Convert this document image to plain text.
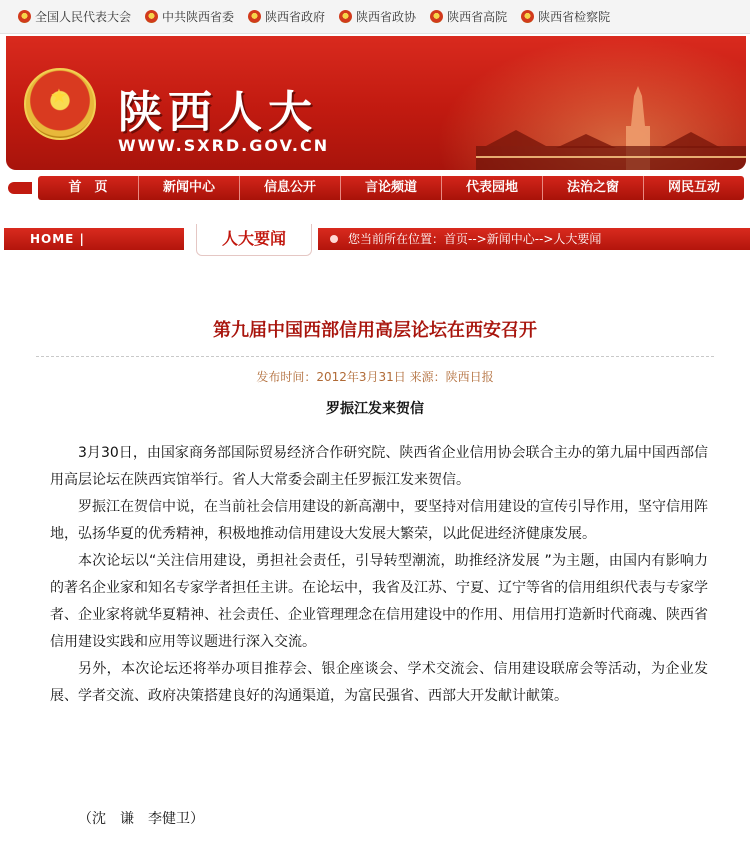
全国人民代表大会	中共陕西省委	陕西省政府	陕西省政协	陕西省高院	陕西省检察院
★
陕西人大
WWW.SXRD.GOV.CN
首　页	新闻中心	信息公开	言论频道	代表园地	法治之窗	网民互动
HOME |	您当前所在位置：首页-->新闻中心-->人大要闻
人大要闻
第九届中国西部信用高层论坛在西安召开
发布时间：2012年3月31日 来源：陕西日报
罗振江发来贺信

3月30日，由国家商务部国际贸易经济合作研究院、陕西省企业信用协会联合主办的第九届中国西部信用高层论坛在陕西宾馆举行。省人大常委会副主任罗振江发来贺信。

罗振江在贺信中说，在当前社会信用建设的新高潮中，要坚持对信用建设的宣传引导作用，坚守信用阵地，弘扬华夏的优秀精神，积极地推动信用建设大发展大繁荣，以此促进经济健康发展。

本次论坛以“关注信用建设，勇担社会责任，引导转型潮流，助推经济发展 ”为主题，由国内有影响力的著名企业家和知名专家学者担任主讲。在论坛中，我省及江苏、宁夏、辽宁等省的信用组织代表与专家学者、企业家将就华夏精神、社会责任、企业管理理念在信用建设中的作用、用信用打造新时代商魂、陕西省信用建设实践和应用等议题进行深入交流。

另外，本次论坛还将举办项目推荐会、银企座谈会、学术交流会、信用建设联席会等活动，为企业发展、学者交流、政府决策搭建良好的沟通渠道，为富民强省、西部大开发献计献策。

（沈　谦　李健卫）
